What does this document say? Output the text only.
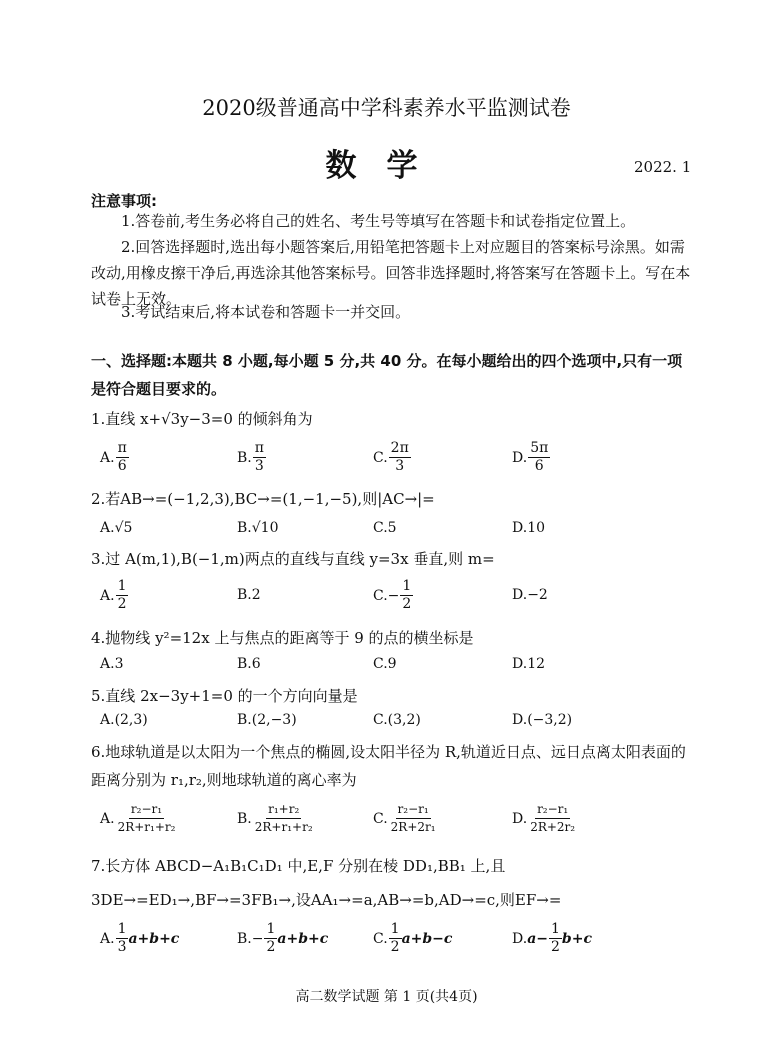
2020级普通高中学科素养水平监测试卷
数学	2022. 1
注意事项:
1.答卷前,考生务必将自己的姓名、考生号等填写在答题卡和试卷指定位置上。
2.回答选择题时,选出每小题答案后,用铅笔把答题卡上对应题目的答案标号涂黑。如需改动,用橡皮擦干净后,再选涂其他答案标号。回答非选择题时,将答案写在答题卡上。写在本试卷上无效。
3.考试结束后,将本试卷和答题卡一并交回。
一、选择题:本题共 8 小题,每小题 5 分,共 40 分。在每小题给出的四个选项中,只有一项是符合题目要求的。
1.直线 x+√3y−3=0 的倾斜角为
2.若AB→=(−1,2,3),BC→=(1,−1,−5),则|AC→|=
3.过 A(m,1),B(−1,m)两点的直线与直线 y=3x 垂直,则 m=
4.抛物线 y²=12x 上与焦点的距离等于 9 的点的横坐标是
5.直线 2x−3y+1=0 的一个方向向量是
6.地球轨道是以太阳为一个焦点的椭圆,设太阳半径为 R,轨道近日点、远日点离太阳表面的距离分别为 r₁,r₂,则地球轨道的离心率为
7.长方体 ABCD−A₁B₁C₁D₁ 中,E,F 分别在棱 DD₁,BB₁ 上,且 3DE→=ED₁→,BF→=3FB₁→,设AA₁→=a,AB→=b,AD→=c,则EF→=
A. $\frac{\pi}{6}$	B. $\frac{\pi}{3}$	C. $\frac{2\pi}{3}$	D. $\frac{5\pi}{6}$
A. √5	B. √10	C. 5	D. 10
A. $\frac{1}{2}$	B. 2	$C.- \frac{1}{2}$	D. −2
A. 3	B. 6	C. 9	D. 12
A. (2,3)	B. (2,−3)	C. (3,2)	D. (−3,2)
A. $\frac{\text{r₂−r₁}}{\text{2R+r₁+r₂}}$	B. $\frac{\text{r₁+r₂}}{\text{2R+r₁+r₂}}$	C. $\frac{\text{r₂−r₁}}{\text{2R+2r₁}}$	D. $\frac{\text{r₂−r₁}}{\text{2R+2r₂}}$
A. $\frac{1}{3} a+b+c$	$B.- \frac{1}{2} a+b+c$	C. $\frac{1}{2} a+b-c$	D. $a- \frac{1}{2} b+c$
高二数学试题 第 1 页(共4页)
